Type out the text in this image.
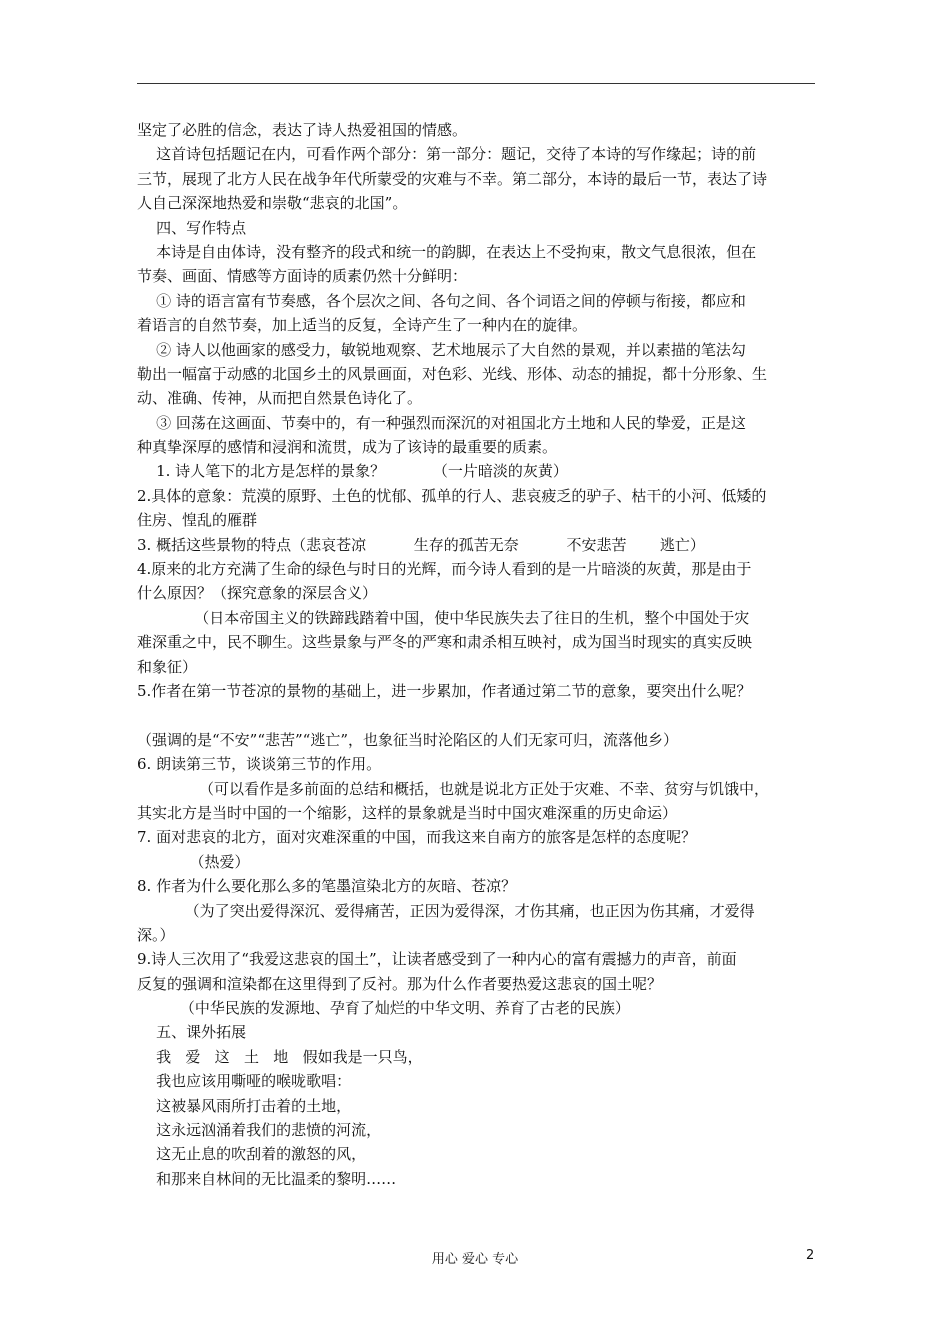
坚定了必胜的信念，表达了诗人热爱祖国的情感。
这首诗包括题记在内，可看作两个部分：第一部分：题记，交待了本诗的写作缘起；诗的前
三节，展现了北方人民在战争年代所蒙受的灾难与不幸。第二部分，本诗的最后一节，表达了诗
人自己深深地热爱和崇敬“悲哀的北国”。
四、写作特点
本诗是自由体诗，没有整齐的段式和统一的韵脚，在表达上不受拘束，散文气息很浓，但在
节奏、画面、情感等方面诗的质素仍然十分鲜明：
① 诗的语言富有节奏感，各个层次之间、各句之间、各个词语之间的停顿与衔接，都应和
着语言的自然节奏，加上适当的反复，全诗产生了一种内在的旋律。
② 诗人以他画家的感受力，敏锐地观察、艺术地展示了大自然的景观，并以素描的笔法勾
勒出一幅富于动感的北国乡土的风景画面，对色彩、光线、形体、动态的捕捉，都十分形象、生
动、准确、传神，从而把自然景色诗化了。
③ 回荡在这画面、节奏中的，有一种强烈而深沉的对祖国北方土地和人民的挚爱，正是这
种真挚深厚的感情和浸润和流贯，成为了该诗的最重要的质素。
1. 诗人笔下的北方是怎样的景象？          （一片暗淡的灰黄）
2.具体的意象：荒漠的原野、土色的忧郁、孤单的行人、悲哀疲乏的驴子、枯干的小河、低矮的
住房、惶乱的雁群
3. 概括这些景物的特点（悲哀苍凉          生存的孤苦无奈          不安悲苦       逃亡）
4.原来的北方充满了生命的绿色与时日的光辉，而今诗人看到的是一片暗淡的灰黄，那是由于
什么原因？（探究意象的深层含义）
（日本帝国主义的铁蹄践踏着中国，使中华民族失去了往日的生机，整个中国处于灾
难深重之中，民不聊生。这些景象与严冬的严寒和肃杀相互映衬，成为国当时现实的真实反映
和象征）
5.作者在第一节苍凉的景物的基础上，进一步累加，作者通过第二节的意象，要突出什么呢？
（强调的是“不安”“悲苦”“逃亡”，也象征当时沦陷区的人们无家可归，流落他乡）
6. 朗读第三节，谈谈第三节的作用。
（可以看作是多前面的总结和概括，也就是说北方正处于灾难、不幸、贫穷与饥饿中，
其实北方是当时中国的一个缩影，这样的景象就是当时中国灾难深重的历史命运）
7. 面对悲哀的北方，面对灾难深重的中国，而我这来自南方的旅客是怎样的态度呢？
（热爱）
8. 作者为什么要化那么多的笔墨渲染北方的灰暗、苍凉？
（为了突出爱得深沉、爱得痛苦，正因为爱得深，才伤其痛，也正因为伤其痛，才爱得
深。）
9.诗人三次用了“我爱这悲哀的国土”，让读者感受到了一种内心的富有震撼力的声音，前面
反复的强调和渲染都在这里得到了反衬。那为什么作者要热爱这悲哀的国土呢？
（中华民族的发源地、孕育了灿烂的中华文明、养育了古老的民族）
五、课外拓展
我   爱   这   土   地   假如我是一只鸟，
我也应该用嘶哑的喉咙歌唱：
这被暴风雨所打击着的土地，
这永远汹涌着我们的悲愤的河流，
这无止息的吹刮着的激怒的风，
和那来自林间的无比温柔的黎明……
用心 爱心 专心	2
